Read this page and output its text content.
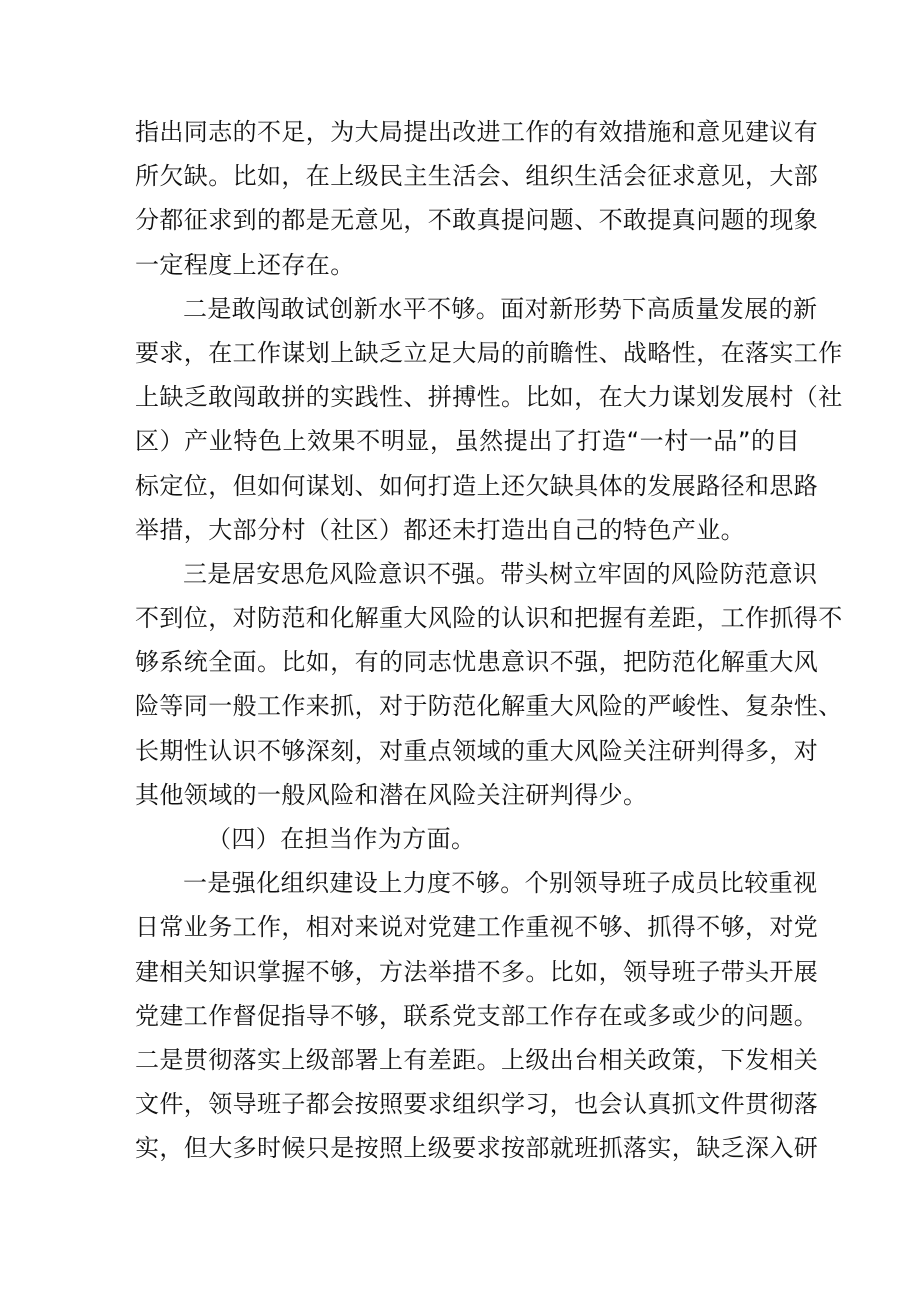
指出同志的不足，为大局提出改进工作的有效措施和意见建议有
所欠缺。比如，在上级民主生活会、组织生活会征求意见，大部
分都征求到的都是无意见，不敢真提问题、不敢提真问题的现象
一定程度上还存在。
二是敢闯敢试创新水平不够。面对新形势下高质量发展的新
要求，在工作谋划上缺乏立足大局的前瞻性、战略性，在落实工作
上缺乏敢闯敢拼的实践性、拼搏性。比如，在大力谋划发展村（社
区）产业特色上效果不明显，虽然提出了打造“一村一品”的目
标定位，但如何谋划、如何打造上还欠缺具体的发展路径和思路
举措，大部分村（社区）都还未打造出自己的特色产业。
三是居安思危风险意识不强。带头树立牢固的风险防范意识
不到位，对防范和化解重大风险的认识和把握有差距，工作抓得不
够系统全面。比如，有的同志忧患意识不强，把防范化解重大风
险等同一般工作来抓，对于防范化解重大风险的严峻性、复杂性、
长期性认识不够深刻，对重点领域的重大风险关注研判得多，对
其他领域的一般风险和潜在风险关注研判得少。
（四）在担当作为方面。
一是强化组织建设上力度不够。个别领导班子成员比较重视
日常业务工作，相对来说对党建工作重视不够、抓得不够，对党
建相关知识掌握不够，方法举措不多。比如，领导班子带头开展
党建工作督促指导不够，联系党支部工作存在或多或少的问题。
二是贯彻落实上级部署上有差距。上级出台相关政策，下发相关
文件，领导班子都会按照要求组织学习，也会认真抓文件贯彻落
实，但大多时候只是按照上级要求按部就班抓落实，缺乏深入研
